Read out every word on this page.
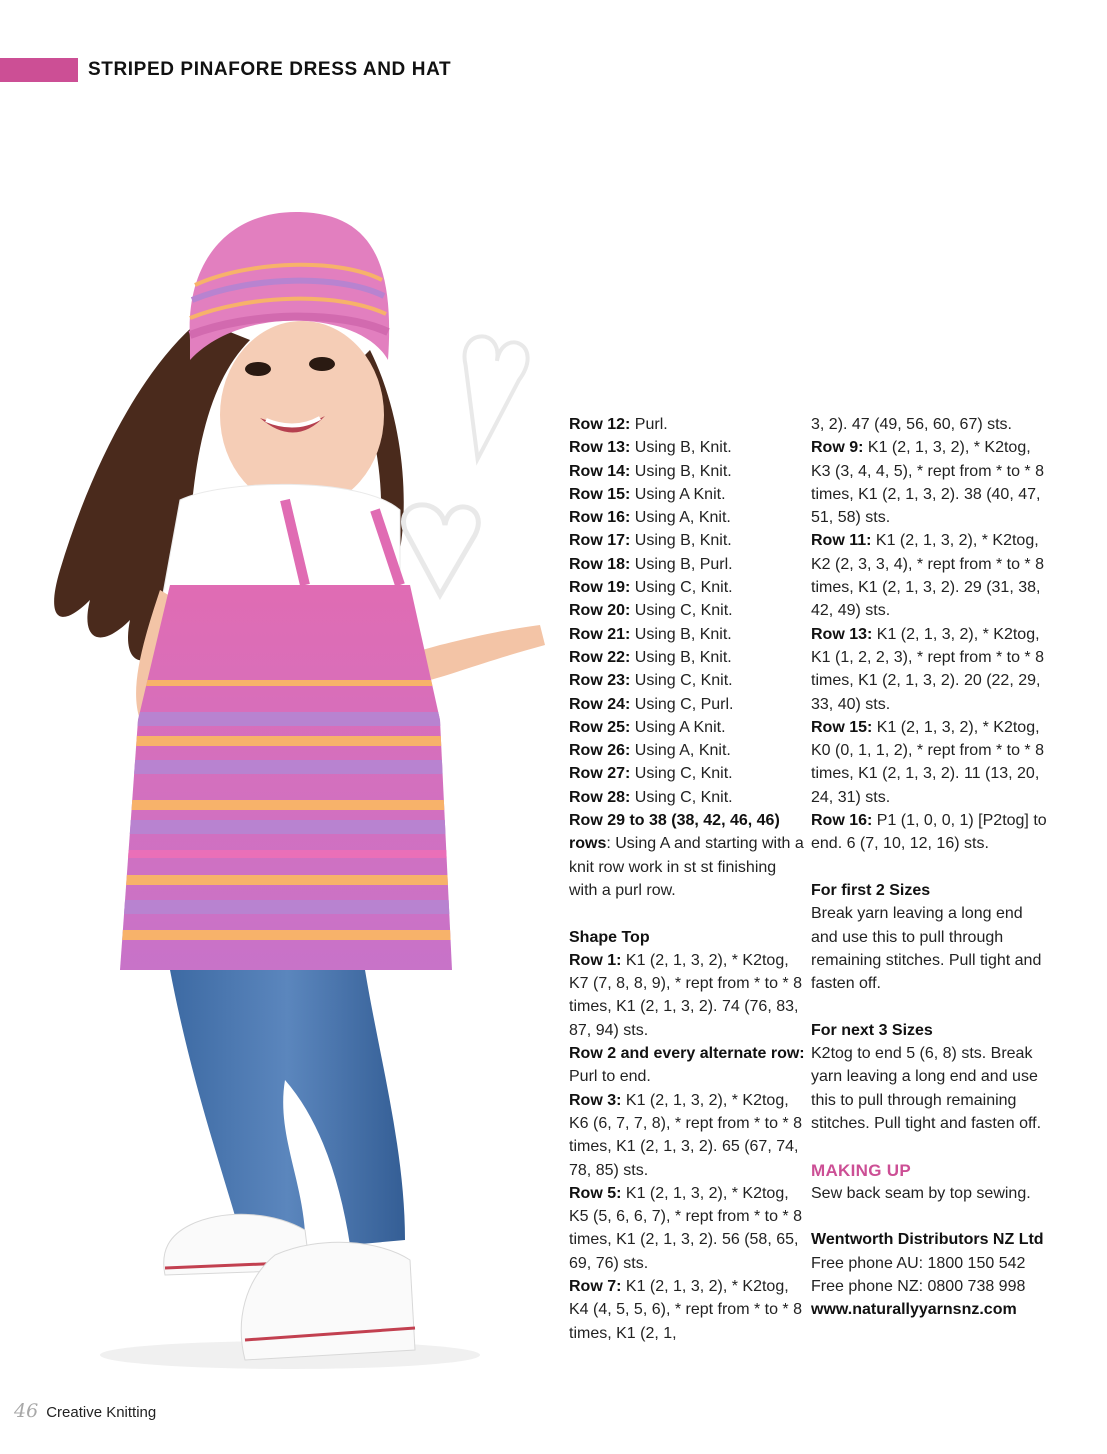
STRIPED PINAFORE DRESS AND HAT

Row 12: Purl.

Row 13: Using B, Knit.

Row 14: Using B, Knit.

Row 15: Using A Knit.

Row 16: Using A, Knit.

Row 17: Using B, Knit.

Row 18: Using B, Purl.

Row 19: Using C, Knit.

Row 20: Using C, Knit.

Row 21: Using B, Knit.

Row 22: Using B, Knit.

Row 23: Using C, Knit.

Row 24: Using C, Purl.

Row 25: Using A Knit.

Row 26: Using A, Knit.

Row 27: Using C, Knit.

Row 28: Using C, Knit.

Row 29 to 38 (38, 42, 46, 46) rows: Using A and starting with a knit row work in st st finishing with a purl row.

Shape Top

Row 1: K1 (2, 1, 3, 2), * K2tog, K7 (7, 8, 8, 9), * rept from * to * 8 times, K1 (2, 1, 3, 2). 74 (76, 83, 87, 94) sts.

Row 2 and every alternate row: Purl to end.

Row 3: K1 (2, 1, 3, 2), * K2tog, K6 (6, 7, 7, 8), * rept from * to * 8 times, K1 (2, 1, 3, 2). 65 (67, 74, 78, 85) sts.

Row 5: K1 (2, 1, 3, 2), * K2tog, K5 (5, 6, 6, 7), * rept from * to * 8 times, K1 (2, 1, 3, 2). 56 (58, 65, 69, 76) sts.

Row 7: K1 (2, 1, 3, 2), * K2tog, K4 (4, 5, 5, 6), * rept from * to * 8 times, K1 (2, 1,

3, 2). 47 (49, 56, 60, 67) sts.

Row 9: K1 (2, 1, 3, 2), * K2tog, K3 (3, 4, 4, 5), * rept from * to * 8 times, K1 (2, 1, 3, 2). 38 (40, 47, 51, 58) sts.

Row 11: K1 (2, 1, 3, 2), * K2tog, K2 (2, 3, 3, 4), * rept from * to * 8 times, K1 (2, 1, 3, 2). 29 (31, 38, 42, 49) sts.

Row 13: K1 (2, 1, 3, 2), * K2tog, K1 (1, 2, 2, 3), * rept from * to * 8 times, K1 (2, 1, 3, 2). 20 (22, 29, 33, 40) sts.

Row 15: K1 (2, 1, 3, 2), * K2tog, K0 (0, 1, 1, 2), * rept from * to * 8 times, K1 (2, 1, 3, 2). 11 (13, 20, 24, 31) sts.

Row 16: P1 (1, 0, 0, 1) [P2tog] to end. 6 (7, 10, 12, 16) sts.

For first 2 Sizes

Break yarn leaving a long end and use this to pull through remaining stitches. Pull tight and fasten off.

For next 3 Sizes

K2tog to end 5 (6, 8) sts. Break yarn leaving a long end and use this to pull through remaining stitches. Pull tight and fasten off.

MAKING UP

Sew back seam by top sewing.

Wentworth Distributors NZ Ltd

Free phone AU: 1800 150 542

Free phone NZ: 0800 738 998

www.naturallyyarnsnz.com

46 Creative Knitting
